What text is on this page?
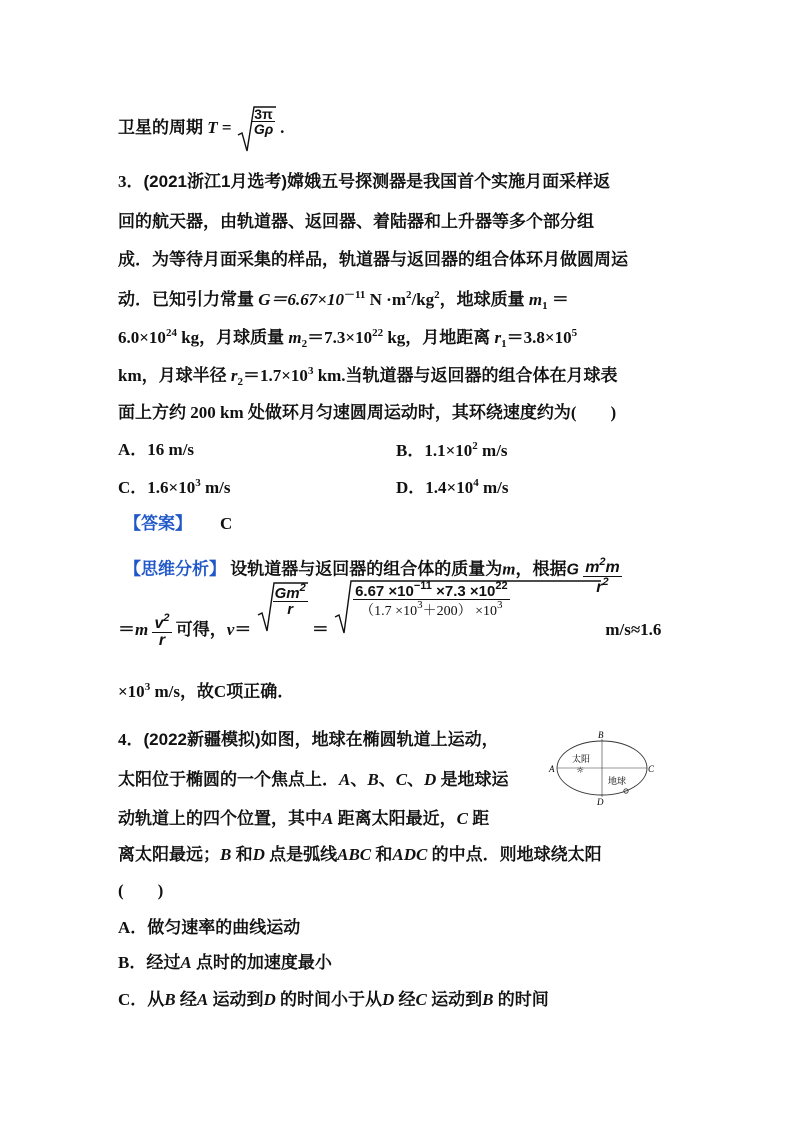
卫星的周期 $T = \frac{3\pi}{G\rho}$ .
3．(2021浙江1月选考)嫦娥五号探测器是我国首个实施月面采样返
回的航天器，由轨道器、返回器、着陆器和上升器等多个部分组
成．为等待月面采集的样品，轨道器与返回器的组合体环月做圆周运
动．已知引力常量 $G=6.67\times 10^{-11}$ $N \cdot m^2/kg^2$，地球质量 $m_1$ ＝
$6.0\times 10^{24}$ kg，月球质量 $m_2=7.3\times 10^{22}$ kg，月地距离 $r_1=3.8\times 10^5$
km，月球半径 $r_2=1.7\times 10^3$ km.当轨道器与返回器的组合体在月球表
面上方约 200 km 处做环月匀速圆周运动时，其环绕速度约为(　　)
A．16 m/s	B．$1.1\times 10^2$ m/s
C．$1.6\times 10^3$ m/s	D．$1.4\times 10^4$ m/s
【答案】 C
【思维分析】 设轨道器与返回器的组合体的质量为m，根据G $\frac{m^2m}{r^2}$
$=m \frac{v^2}{r}$ 可得，v＝
$\frac{Gm^2}{r}$
＝
$\frac{6.67 \times 10^{-11} \times 7.3 \times 10^{22}}{(1.7 \times 10^3+200) \times 10^3}$
m/s≈1.6
$\times 10^3$ m/s，故C项正确．
4．(2022新疆模拟)如图，地球在椭圆轨道上运动，
太阳位于椭圆的一个焦点上．A、B、C、D 是地球运
动轨道上的四个位置，其中A 距离太阳最近，C 距
离太阳最远；B 和D 点是弧线ABC 和ADC 的中点．则地球绕太阳
(　　)
A．做匀速率的曲线运动
B．经过A 点时的加速度最小
C．从B 经A 运动到D 的时间小于从D 经C 运动到B 的时间
A
B
C
D
太阳
☼
地球
